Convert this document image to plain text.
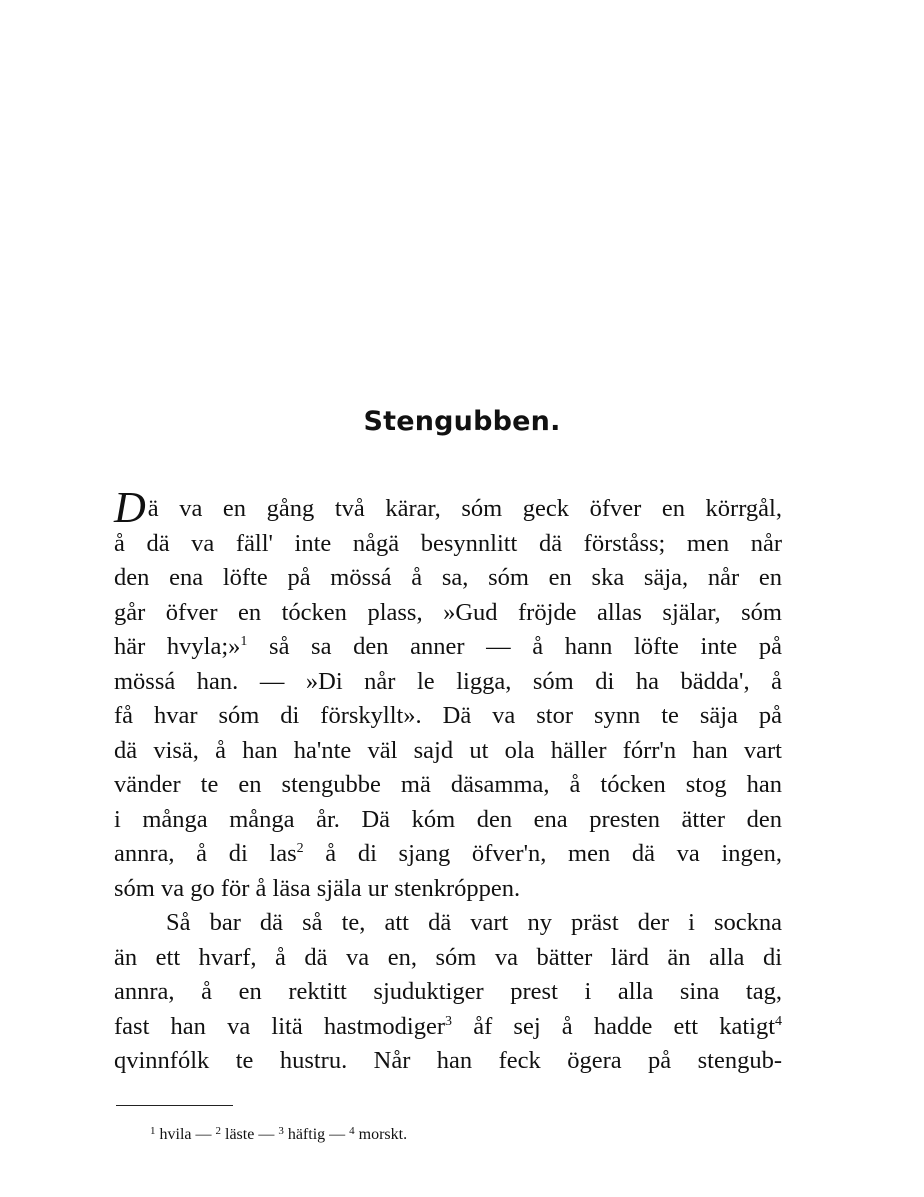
Stengubben.
Dä va en gång två kärar, sóm geck öfver en körrgål,
å dä va fäll' inte någä besynnlitt dä förståss; men når
den ena löfte på mössá å sa, sóm en ska säja, når en
går öfver en tócken plass, »Gud fröjde allas själar, sóm
här hvyla;»$^1$ så sa den anner — å hann löfte inte på
mössá han. — »Di når le ligga, sóm di ha bädda', å
få hvar sóm di förskyllt». Dä va stor synn te säja på
dä visä, å han ha'nte väl sajd ut ola häller fórr'n han vart
vänder te en stengubbe mä däsamma, å tócken stog han
i många många år. Dä kóm den ena presten ätter den
annra, å di las$^2$ å di sjang öfver'n, men dä va ingen,
sóm va go för å läsa själa ur stenkróppen.
Så bar dä så te, att dä vart ny präst der i sockna
än ett hvarf, å dä va en, sóm va bätter lärd än alla di
annra, å en rektitt sjuduktiger prest i alla sina tag,
fast han va litä hastmodiger$^3$ åf sej å hadde ett katigt$^4$
qvinnfólk te hustru. Når han feck ögera på stengub-
$^1$ hvila — $^2$ läste — $^3$ häftig — $^4$ morskt.
